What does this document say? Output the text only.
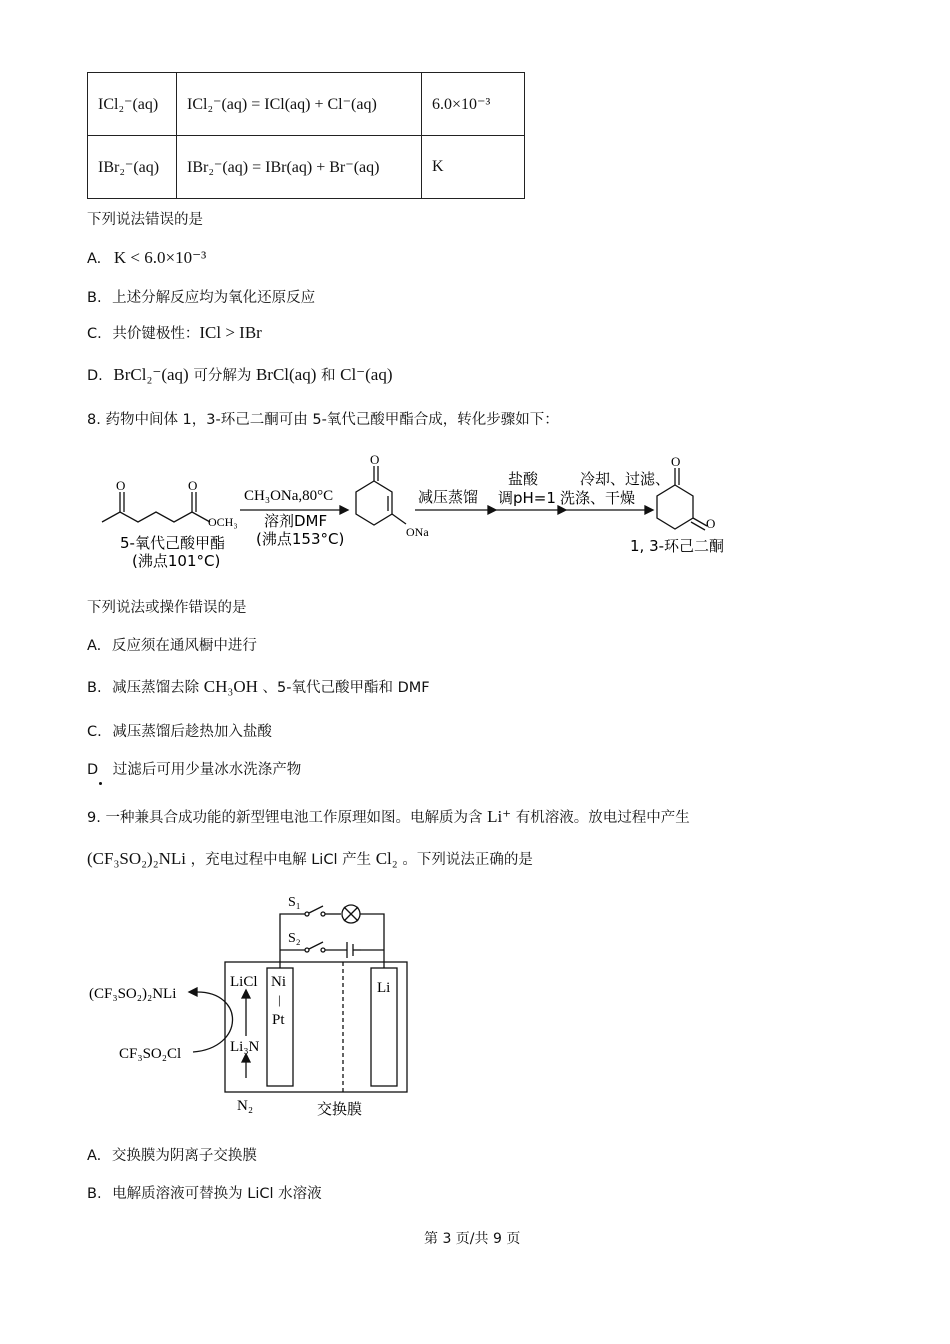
ICl₂⁻(aq)	ICl₂⁻(aq) = ICl(aq) + Cl⁻(aq)	6.0×10⁻³
IBr₂⁻(aq)	IBr₂⁻(aq) = IBr(aq) + Br⁻(aq)	K
下列说法错误的是
A. K < 6.0×10⁻³
B. 上述分解反应均为氧化还原反应
C. 共价键极性：ICl > IBr
D. BrCl₂⁻(aq) 可分解为 BrCl(aq) 和 Cl⁻(aq)
8. 药物中间体 1，3-环己二酮可由 5-氧代己酸甲酯合成，转化步骤如下：
O	O
OCH₃
5-氧代己酸甲酯
(沸点101°C)
CH₃ONa,80°C
溶剂DMF
(沸点153°C)
O
ONa
减压蒸馏
盐酸
调pH=1
冷却、过滤、
洗涤、干燥
O
O
1, 3-环己二酮
下列说法或操作错误的是
A. 反应须在通风橱中进行
B. 减压蒸馏去除 CH₃OH 、5-氧代己酸甲酯和 DMF
C. 减压蒸馏后趁热加入盐酸
D 过滤后可用少量冰水洗涤产物
9. 一种兼具合成功能的新型锂电池工作原理如图。电解质为含 Li⁺ 有机溶液。放电过程中产生
(CF₃SO₂)₂NLi ，充电过程中电解 LiCl 产生 Cl₂ 。下列说法正确的是
S₁
S₂
Ni
|
Pt
Li
LiCl
Li₃N
N₂
(CF₃SO₂)₂NLi
CF₃SO₂Cl
交换膜
A. 交换膜为阴离子交换膜
B. 电解质溶液可替换为 LiCl 水溶液
第 3 页/共 9 页
